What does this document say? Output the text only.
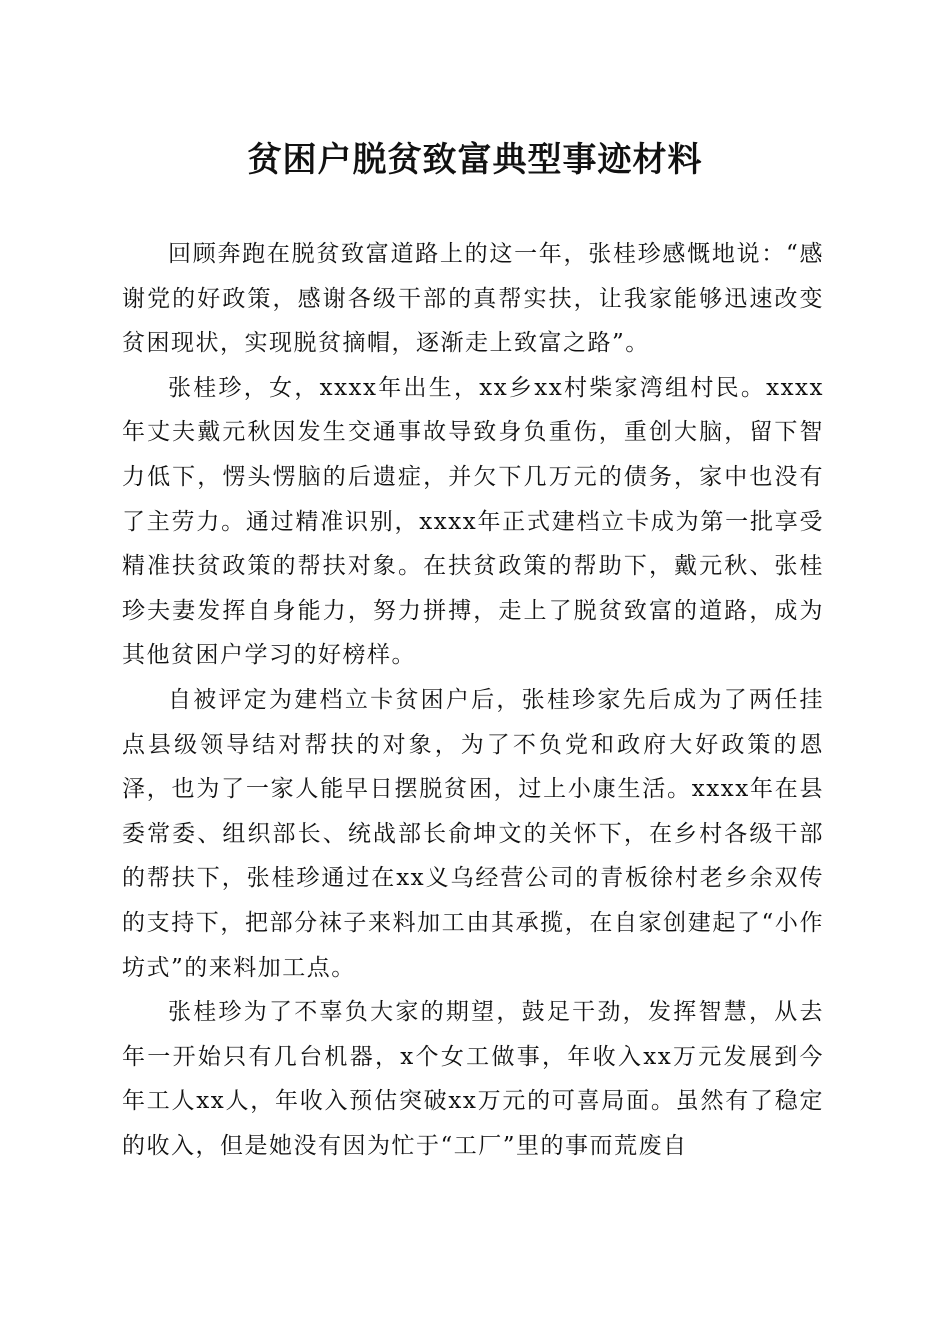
贫困户脱贫致富典型事迹材料

回顾奔跑在脱贫致富道路上的这一年，张桂珍感慨地说：“感谢党的好政策，感谢各级干部的真帮实扶，让我家能够迅速改变贫困现状，实现脱贫摘帽，逐渐走上致富之路”。

张桂珍，女，xxxx年出生，xx乡xx村柴家湾组村民。xxxx年丈夫戴元秋因发生交通事故导致身负重伤，重创大脑，留下智力低下，愣头愣脑的后遗症，并欠下几万元的债务，家中也没有了主劳力。通过精准识别，xxxx年正式建档立卡成为第一批享受精准扶贫政策的帮扶对象。在扶贫政策的帮助下，戴元秋、张桂珍夫妻发挥自身能力，努力拼搏，走上了脱贫致富的道路，成为其他贫困户学习的好榜样。

自被评定为建档立卡贫困户后，张桂珍家先后成为了两任挂点县级领导结对帮扶的对象，为了不负党和政府大好政策的恩泽，也为了一家人能早日摆脱贫困，过上小康生活。xxxx年在县委常委、组织部长、统战部长俞坤文的关怀下，在乡村各级干部的帮扶下，张桂珍通过在xx义乌经营公司的青板徐村老乡余双传的支持下，把部分袜子来料加工由其承揽，在自家创建起了“小作坊式”的来料加工点。

张桂珍为了不辜负大家的期望，鼓足干劲，发挥智慧，从去年一开始只有几台机器，x个女工做事，年收入xx万元发展到今年工人xx人，年收入预估突破xx万元的可喜局面。虽然有了稳定的收入，但是她没有因为忙于“工厂”里的事而荒废自
